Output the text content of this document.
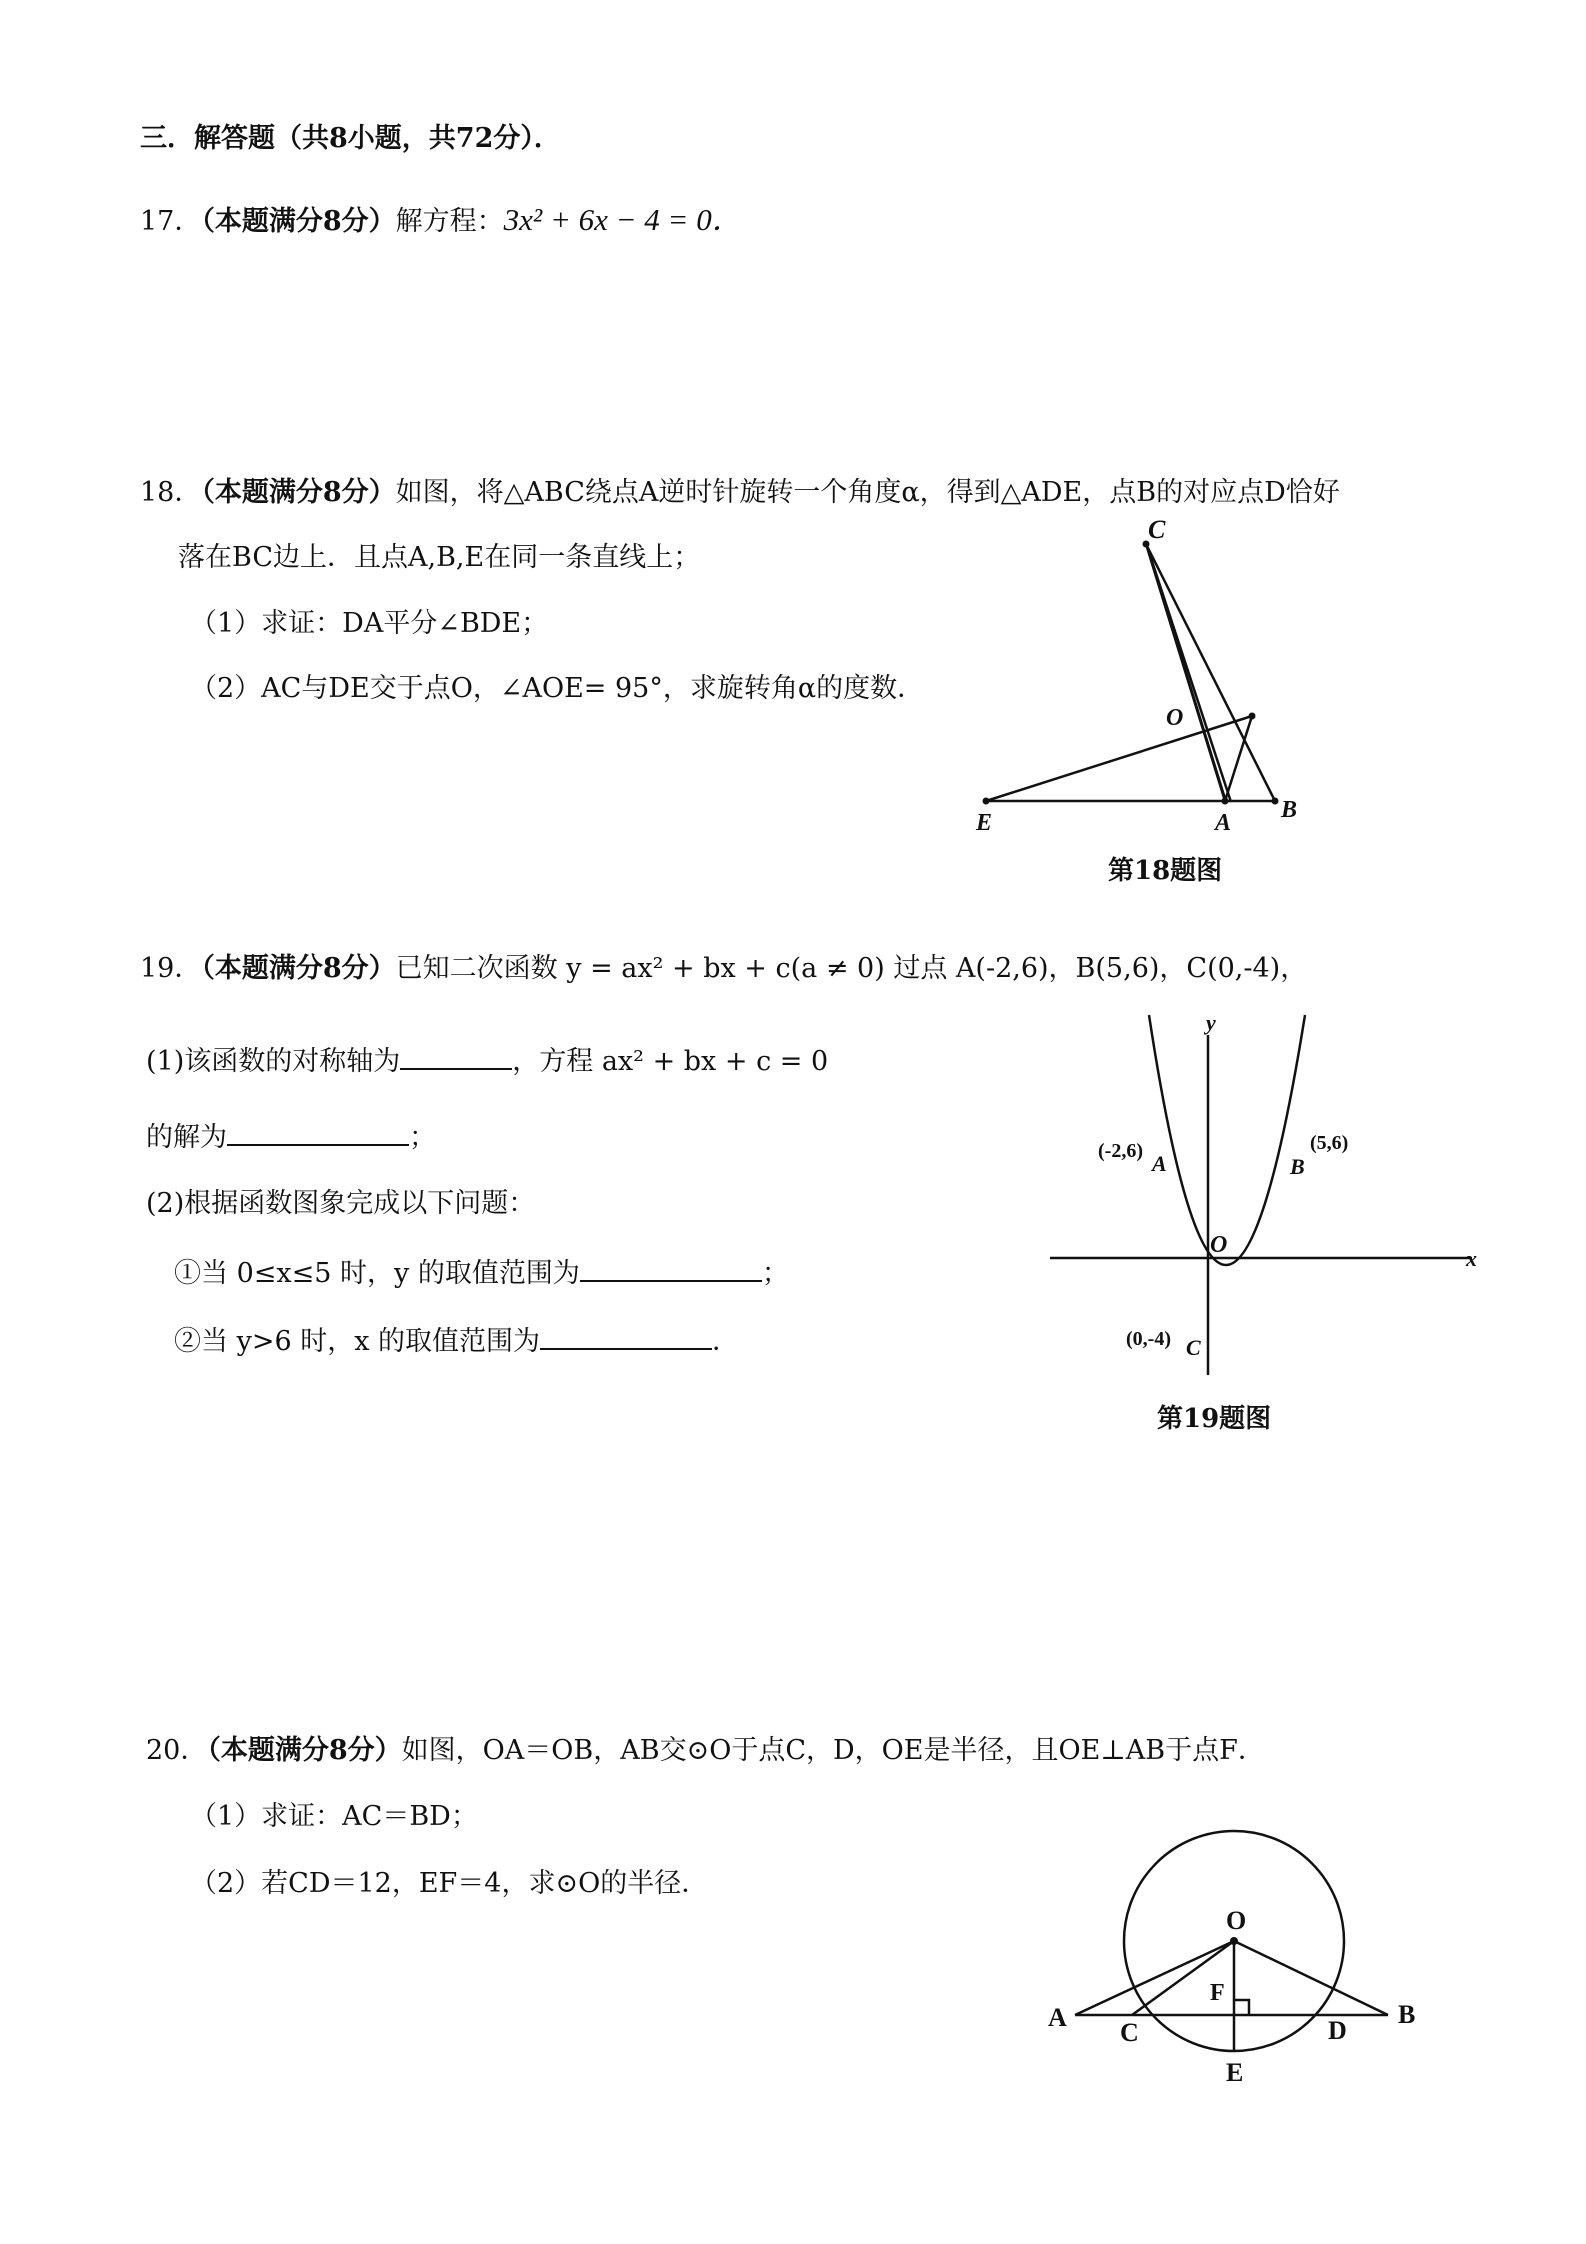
三．解答题（共8小题，共72分）．
17．（本题满分8分）解方程：3x² + 6x − 4 = 0．
18．（本题满分8分）如图，将△ABC绕点A逆时针旋转一个角度α，得到△ADE，点B的对应点D恰好
落在BC边上．且点A,B,E在同一条直线上；
（1）求证：DA平分∠BDE；
（2）AC与DE交于点O，∠AOE= 95°，求旋转角α的度数．
C
O
E	A B
第18题图
19．（本题满分8分）已知二次函数 y = ax² + bx + c(a ≠ 0) 过点 A(-2,6)，B(5,6)，C(0,-4)，
(1)该函数的对称轴为	，方程 ax² + bx + c = 0
的解为	；
(2)根据函数图象完成以下问题：
①当 0≤x≤5 时，y 的取值范围为	；
②当 y>6 时，x 的取值范围为	．
y
x
O
(-2,6) A
(5,6)
B
(0,-4) C
第19题图
20．（本题满分8分）如图，OA＝OB，AB交⊙O于点C，D，OE是半径，且OE⊥AB于点F．
（1）求证：AC＝BD；
（2）若CD＝12，EF＝4，求⊙O的半径．
O
A
C
F
D
B
E
